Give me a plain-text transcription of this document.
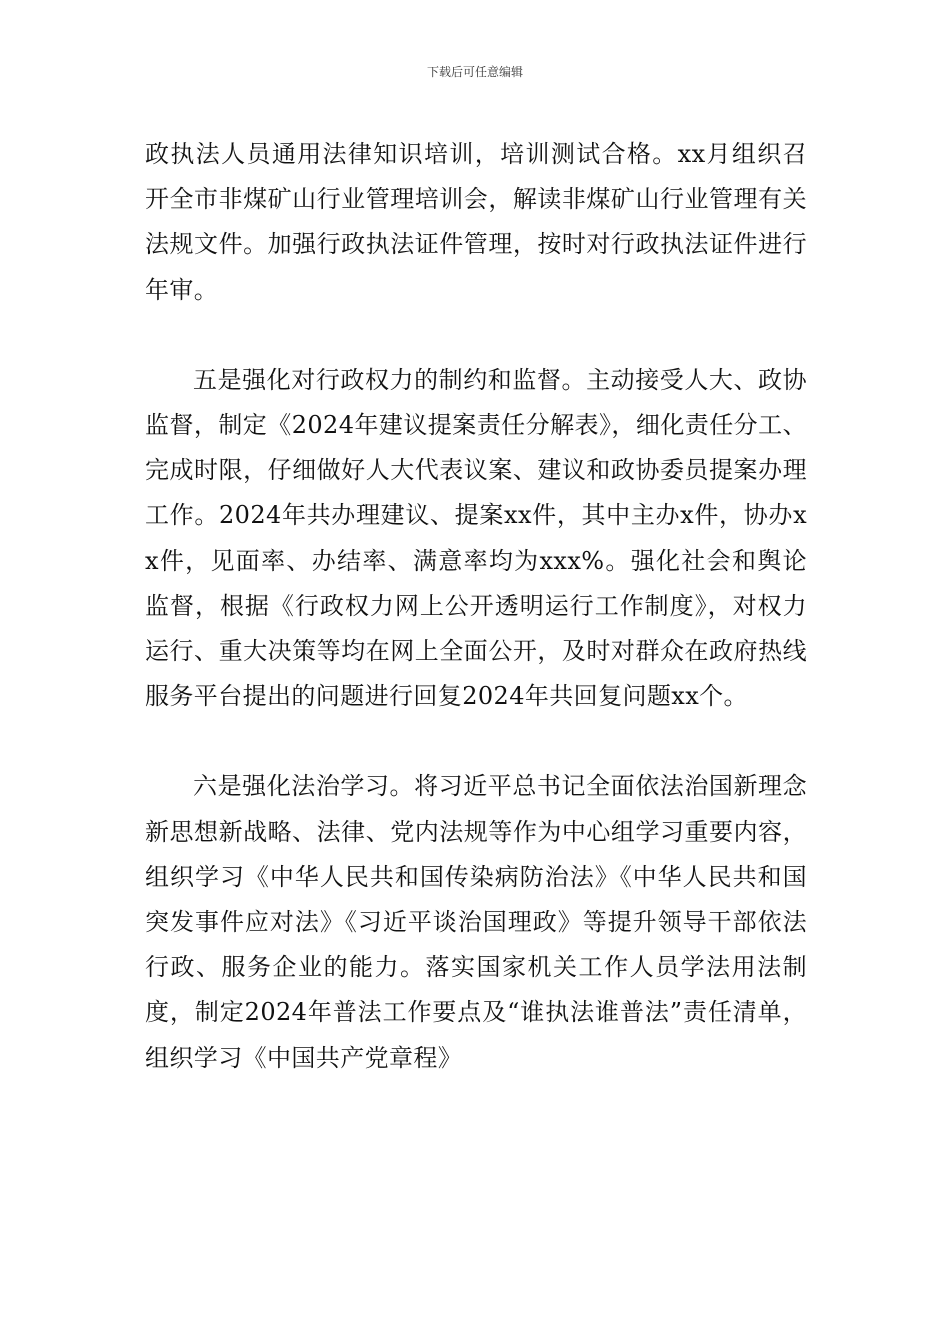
下载后可任意编辑

政执法人员通用法律知识培训，培训测试合格。xx月组织召开全市非煤矿山行业管理培训会，解读非煤矿山行业管理有关法规文件。加强行政执法证件管理，按时对行政执法证件进行年审。

五是强化对行政权力的制约和监督。主动接受人大、政协监督，制定《2024年建议提案责任分解表》，细化责任分工、完成时限，仔细做好人大代表议案、建议和政协委员提案办理工作。2024年共办理建议、提案xx件，其中主办x件，协办xx件，见面率、办结率、满意率均为xxx%。强化社会和舆论监督，根据《行政权力网上公开透明运行工作制度》，对权力运行、重大决策等均在网上全面公开，及时对群众在政府热线服务平台提出的问题进行回复2024年共回复问题xx个。

六是强化法治学习。将习近平总书记全面依法治国新理念新思想新战略、法律、党内法规等作为中心组学习重要内容，组织学习《中华人民共和国传染病防治法》《中华人民共和国突发事件应对法》《习近平谈治国理政》等提升领导干部依法行政、服务企业的能力。落实国家机关工作人员学法用法制度，制定2024年普法工作要点及“谁执法谁普法”责任清单，组织学习《中国共产党章程》
